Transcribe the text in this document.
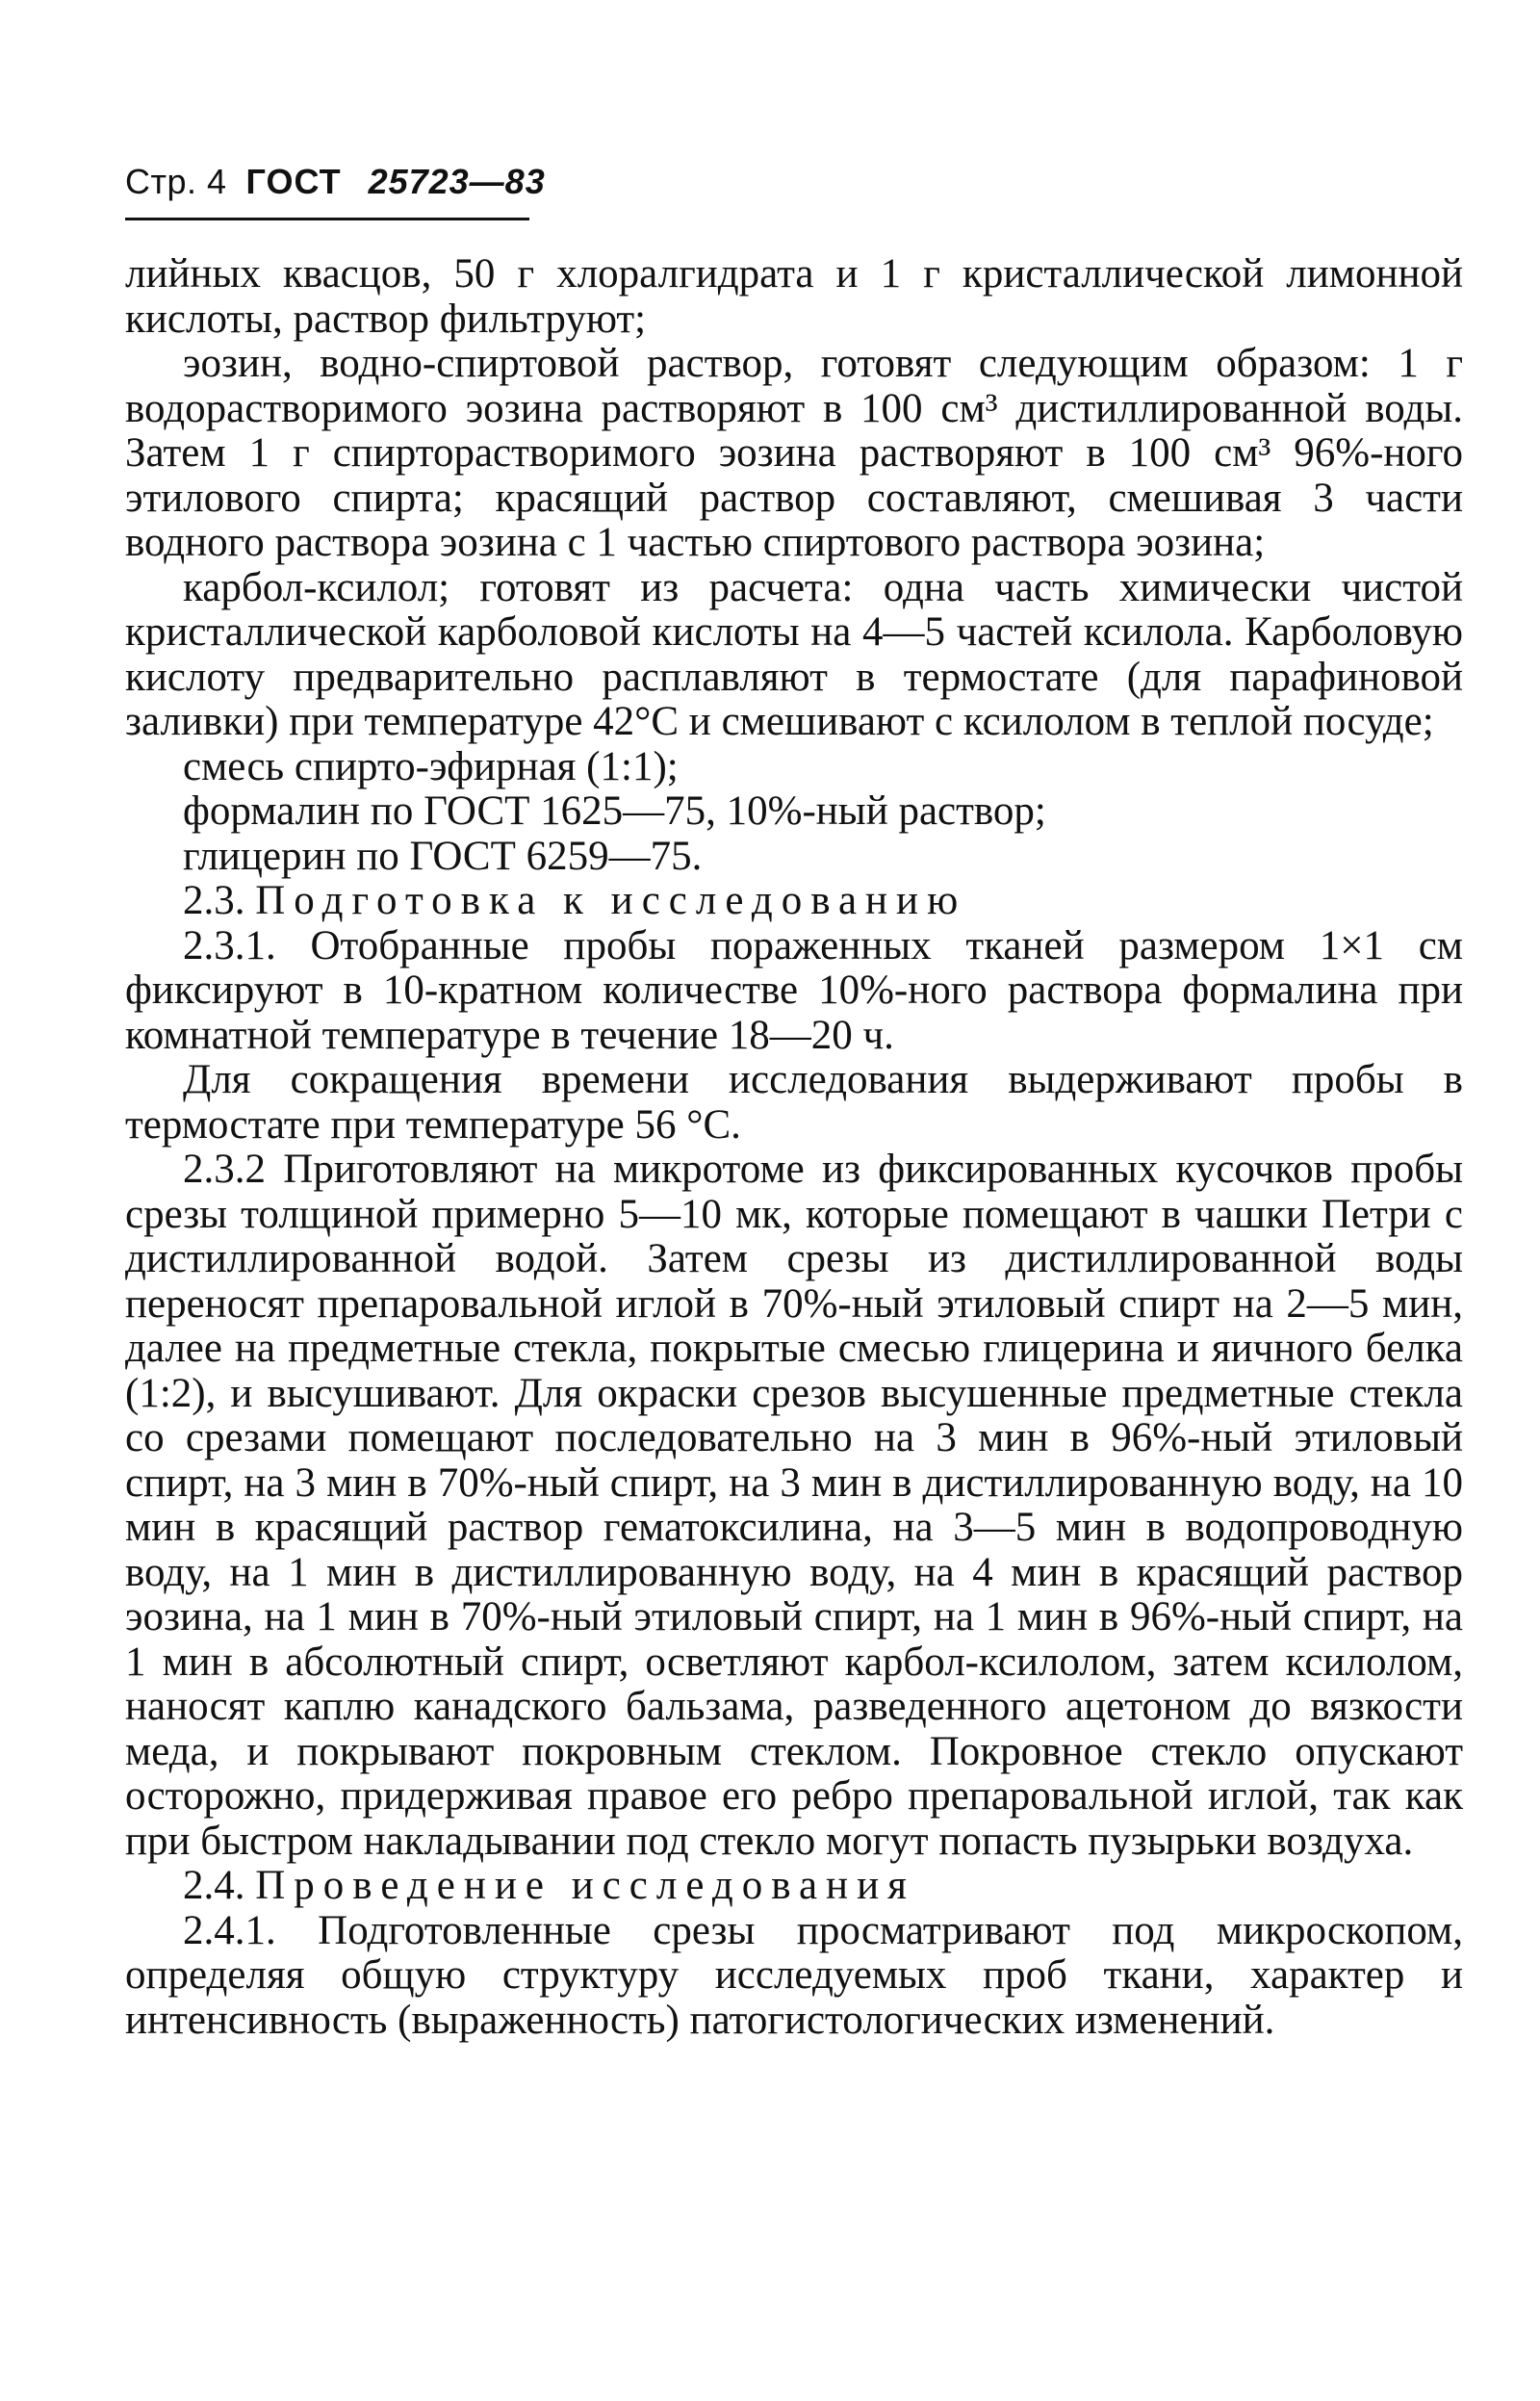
Стр. 4 ГОСТ 25723—83

лийных квасцов, 50 г хлоралгидрата и 1 г кристаллической лимонной кислоты, раствор фильтруют;

эозин, водно-спиртовой раствор, готовят следующим образом: 1 г водорастворимого эозина растворяют в 100 см³ дистиллированной воды. Затем 1 г спирторастворимого эозина растворяют в 100 см³ 96%-ного этилового спирта; красящий раствор составляют, смешивая 3 части водного раствора эозина с 1 частью спиртового раствора эозина;

карбол-ксилол; готовят из расчета: одна часть химически чистой кристаллической карболовой кислоты на 4—5 частей ксилола. Карболовую кислоту предварительно расплавляют в термостате (для парафиновой заливки) при температуре 42°С и смешивают с ксилолом в теплой посуде;

смесь спирто-эфирная (1:1);

формалин по ГОСТ 1625—75, 10%-ный раствор;

глицерин по ГОСТ 6259—75.

2.3. Подготовка к исследованию

2.3.1. Отобранные пробы пораженных тканей размером 1×1 см фиксируют в 10-кратном количестве 10%-ного раствора формалина при комнатной температуре в течение 18—20 ч.

Для сокращения времени исследования выдерживают пробы в термостате при температуре 56 °С.

2.3.2 Приготовляют на микротоме из фиксированных кусочков пробы срезы толщиной примерно 5—10 мк, которые помещают в чашки Петри с дистиллированной водой. Затем срезы из дистиллированной воды переносят препаровальной иглой в 70%-ный этиловый спирт на 2—5 мин, далее на предметные стекла, покрытые смесью глицерина и яичного белка (1:2), и высушивают. Для окраски срезов высушенные предметные стекла со срезами помещают последовательно на 3 мин в 96%-ный этиловый спирт, на 3 мин в 70%-ный спирт, на 3 мин в дистиллированную воду, на 10 мин в красящий раствор гематоксилина, на 3—5 мин в водопроводную воду, на 1 мин в дистиллированную воду, на 4 мин в красящий раствор эозина, на 1 мин в 70%-ный этиловый спирт, на 1 мин в 96%-ный спирт, на 1 мин в абсолютный спирт, осветляют карбол-ксилолом, затем ксилолом, наносят каплю канадского бальзама, разведенного ацетоном до вязкости меда, и покрывают покровным стеклом. Покровное стекло опускают осторожно, придерживая правое его ребро препаровальной иглой, так как при быстром накладывании под стекло могут попасть пузырьки воздуха.

2.4. Проведение исследования

2.4.1. Подготовленные срезы просматривают под микроскопом, определяя общую структуру исследуемых проб ткани, характер и интенсивность (выраженность) патогистологических изменений.
